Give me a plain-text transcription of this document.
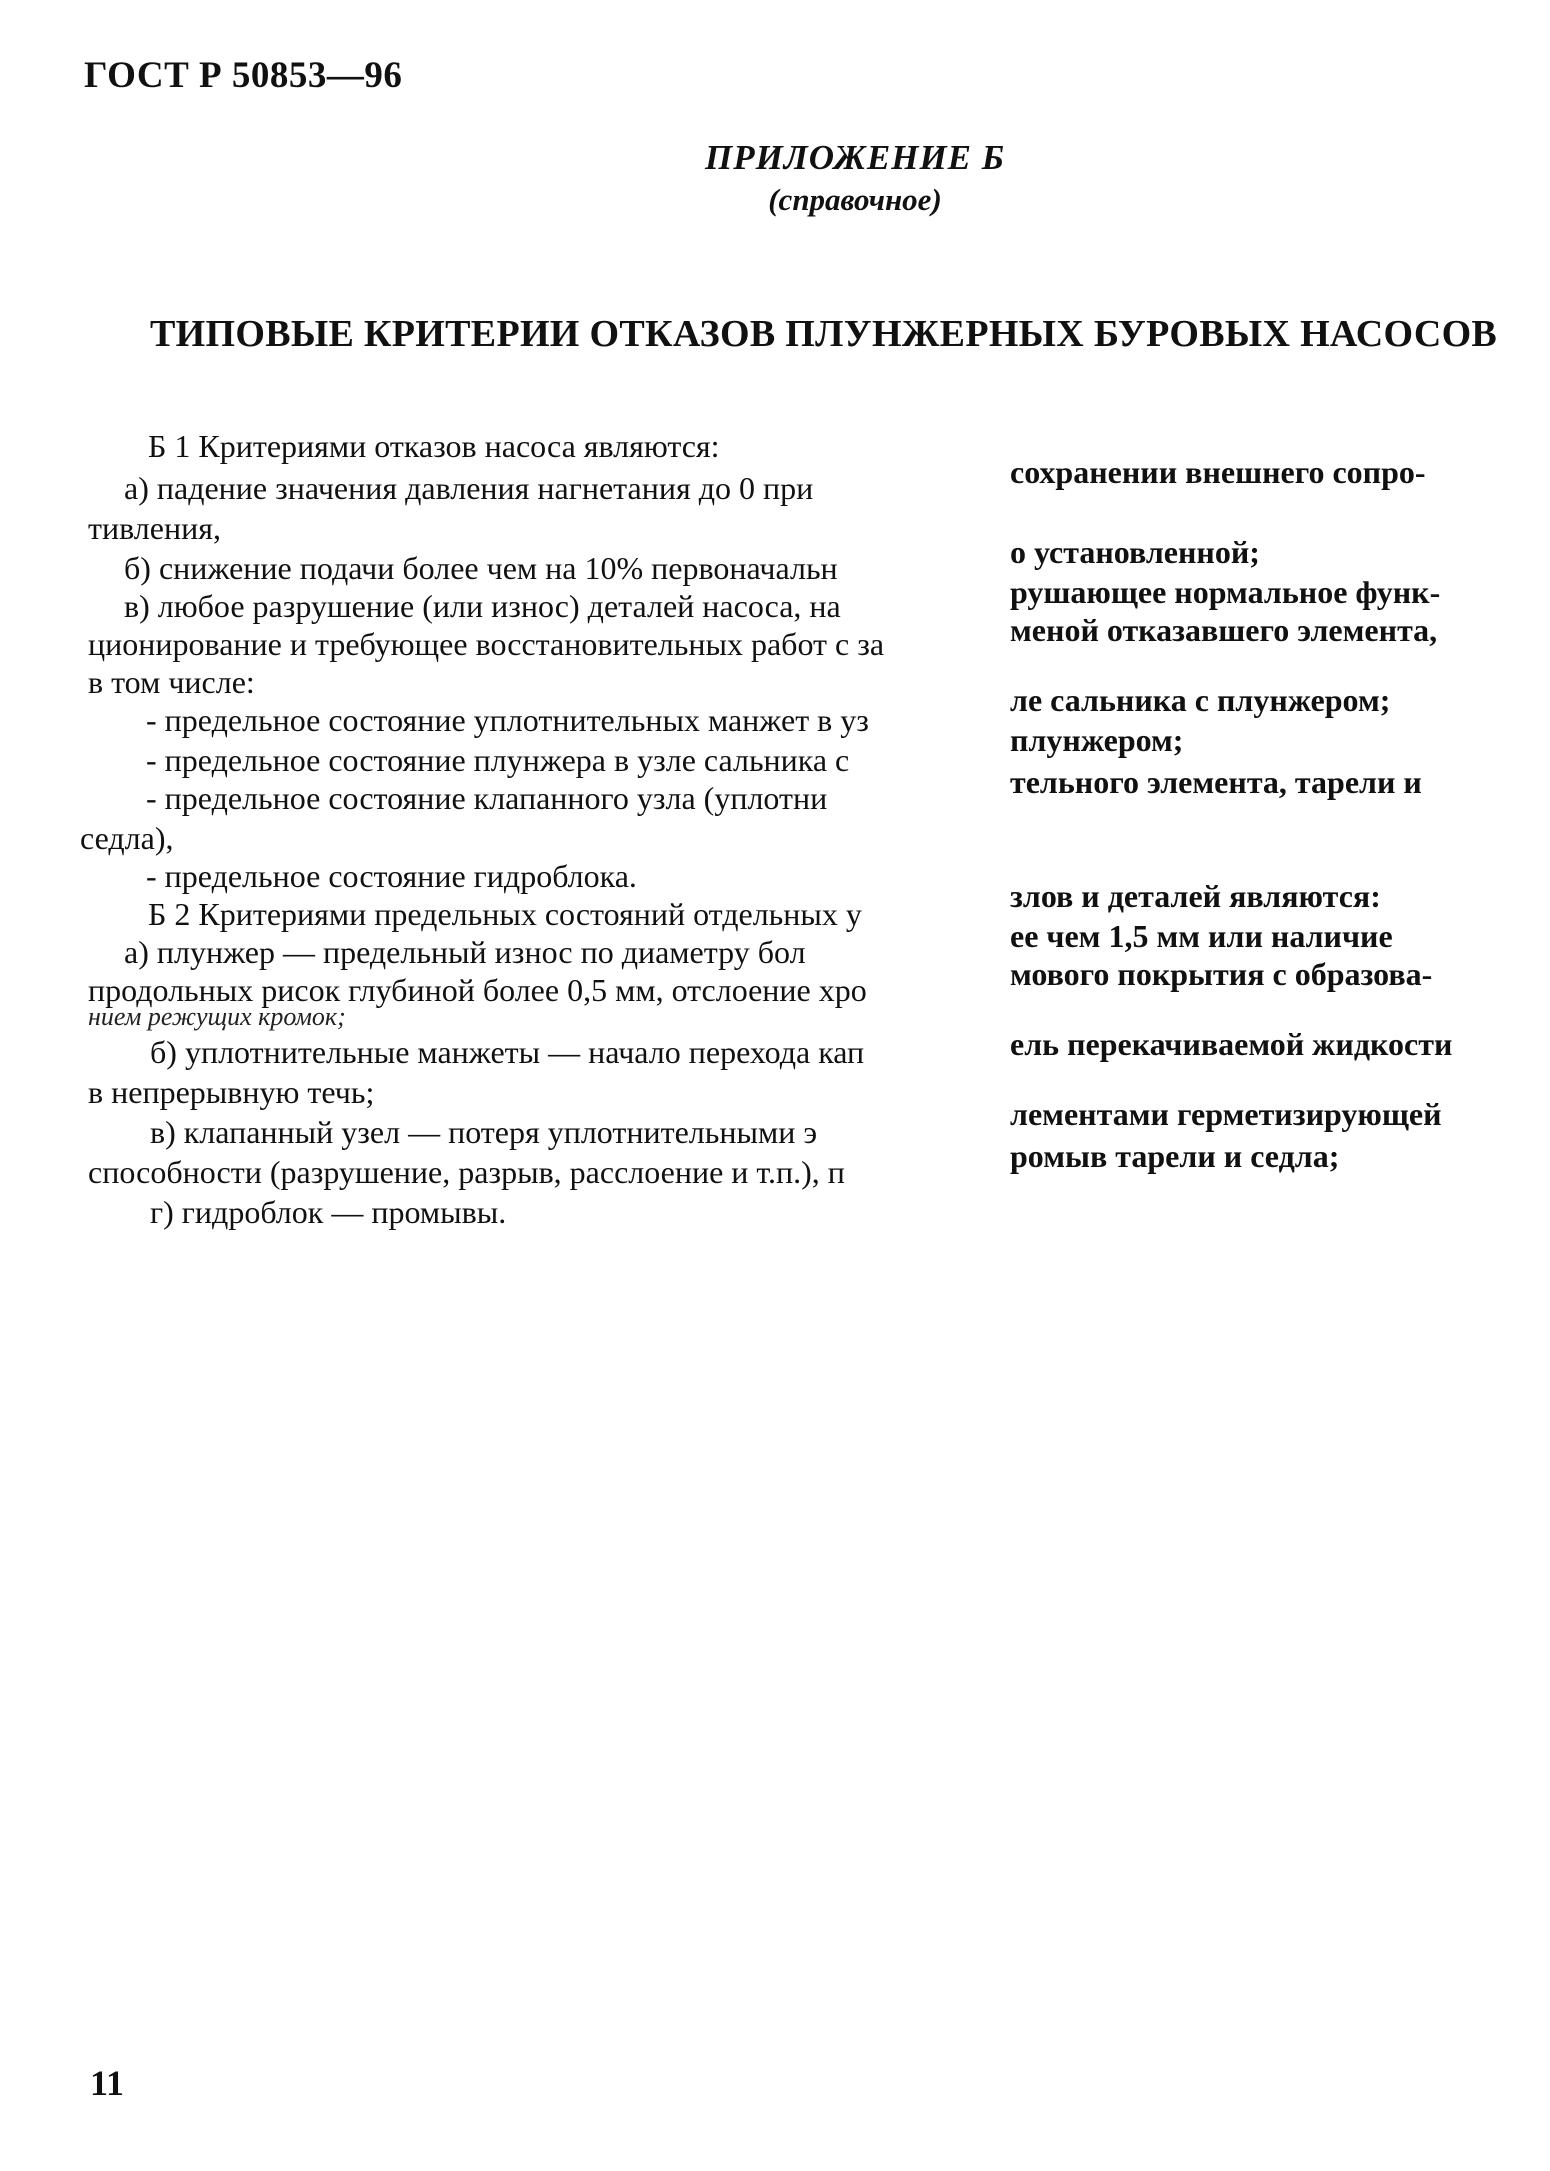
ГОСТ Р 50853—96
ПРИЛОЖЕНИЕ Б
(справочное)
ТИПОВЫЕ КРИТЕРИИ ОТКАЗОВ ПЛУНЖЕРНЫХ БУРОВЫХ НАСОСОВ
Б 1 Критериями отказов насоса являются:
а) падение значения давления нагнетания до 0 при	сохранении внешнего сопро-
тивления,
б) снижение подачи более чем на 10% первоначальн	о установленной;
в) любое разрушение (или износ) деталей насоса, на	рушающее нормальное функ-
ционирование и требующее восстановительных работ с за	меной отказавшего элемента,
в том числе:
- предельное состояние уплотнительных манжет в уз
ле сальника с плунжером;
- предельное состояние плунжера в узле сальника с
плунжером;
- предельное состояние клапанного узла (уплотни	тельного элемента, тарели и
седла),
- предельное состояние гидроблока.
Б 2 Критериями предельных состояний отдельных у	злов и деталей являются:
а) плунжер — предельный износ по диаметру бол	ее чем 1,5 мм или наличие
продольных рисок глубиной более 0,5 мм, отслоение хро	мового покрытия с образова-
нием режущих кромок;
б) уплотнительные манжеты — начало перехода кап	ель перекачиваемой жидкости
в непрерывную течь;
в) клапанный узел — потеря уплотнительными э	лементами герметизирующей
способности (разрушение, разрыв, расслоение и т.п.), п	ромыв тарели и седла;
г) гидроблок — промывы.
11
